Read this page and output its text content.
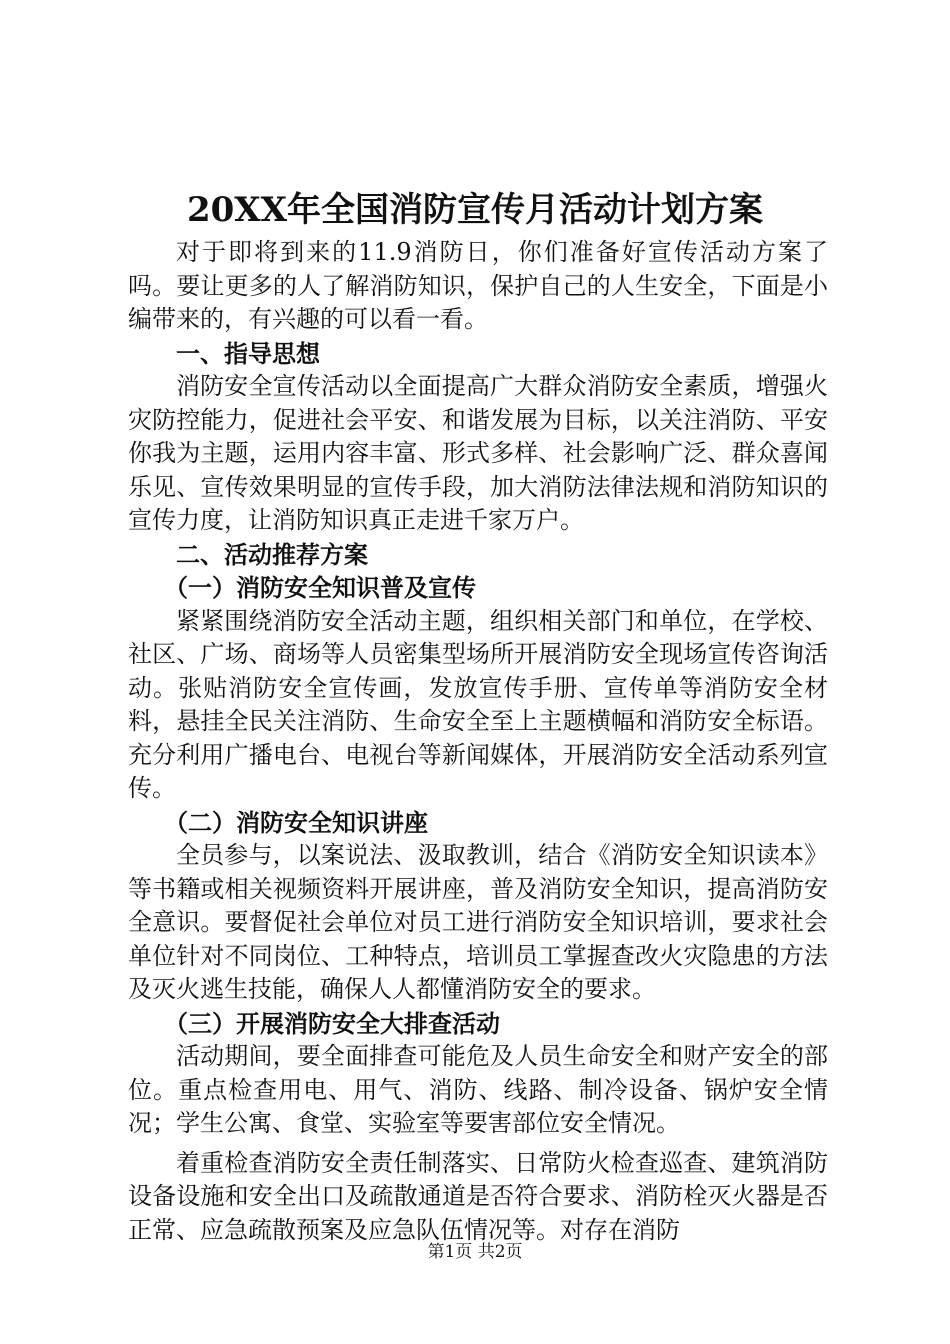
20XX年全国消防宣传月活动计划方案

对于即将到来的11.9消防日，你们准备好宣传活动方案了吗。要让更多的人了解消防知识，保护自己的人生安全，下面是小编带来的，有兴趣的可以看一看。

一、指导思想

消防安全宣传活动以全面提高广大群众消防安全素质，增强火灾防控能力，促进社会平安、和谐发展为目标，以关注消防、平安你我为主题，运用内容丰富、形式多样、社会影响广泛、群众喜闻乐见、宣传效果明显的宣传手段，加大消防法律法规和消防知识的宣传力度，让消防知识真正走进千家万户。

二、活动推荐方案

（一）消防安全知识普及宣传

紧紧围绕消防安全活动主题，组织相关部门和单位，在学校、社区、广场、商场等人员密集型场所开展消防安全现场宣传咨询活动。张贴消防安全宣传画，发放宣传手册、宣传单等消防安全材料，悬挂全民关注消防、生命安全至上主题横幅和消防安全标语。充分利用广播电台、电视台等新闻媒体，开展消防安全活动系列宣传。

（二）消防安全知识讲座

全员参与，以案说法、汲取教训，结合《消防安全知识读本》等书籍或相关视频资料开展讲座，普及消防安全知识，提高消防安全意识。要督促社会单位对员工进行消防安全知识培训，要求社会单位针对不同岗位、工种特点，培训员工掌握查改火灾隐患的方法及灭火逃生技能，确保人人都懂消防安全的要求。

（三）开展消防安全大排查活动

活动期间，要全面排查可能危及人员生命安全和财产安全的部位。重点检查用电、用气、消防、线路、制冷设备、锅炉安全情况；学生公寓、食堂、实验室等要害部位安全情况。

着重检查消防安全责任制落实、日常防火检查巡查、建筑消防设备设施和安全出口及疏散通道是否符合要求、消防栓灭火器是否正常、应急疏散预案及应急队伍情况等。对存在消防

第1页 共2页
